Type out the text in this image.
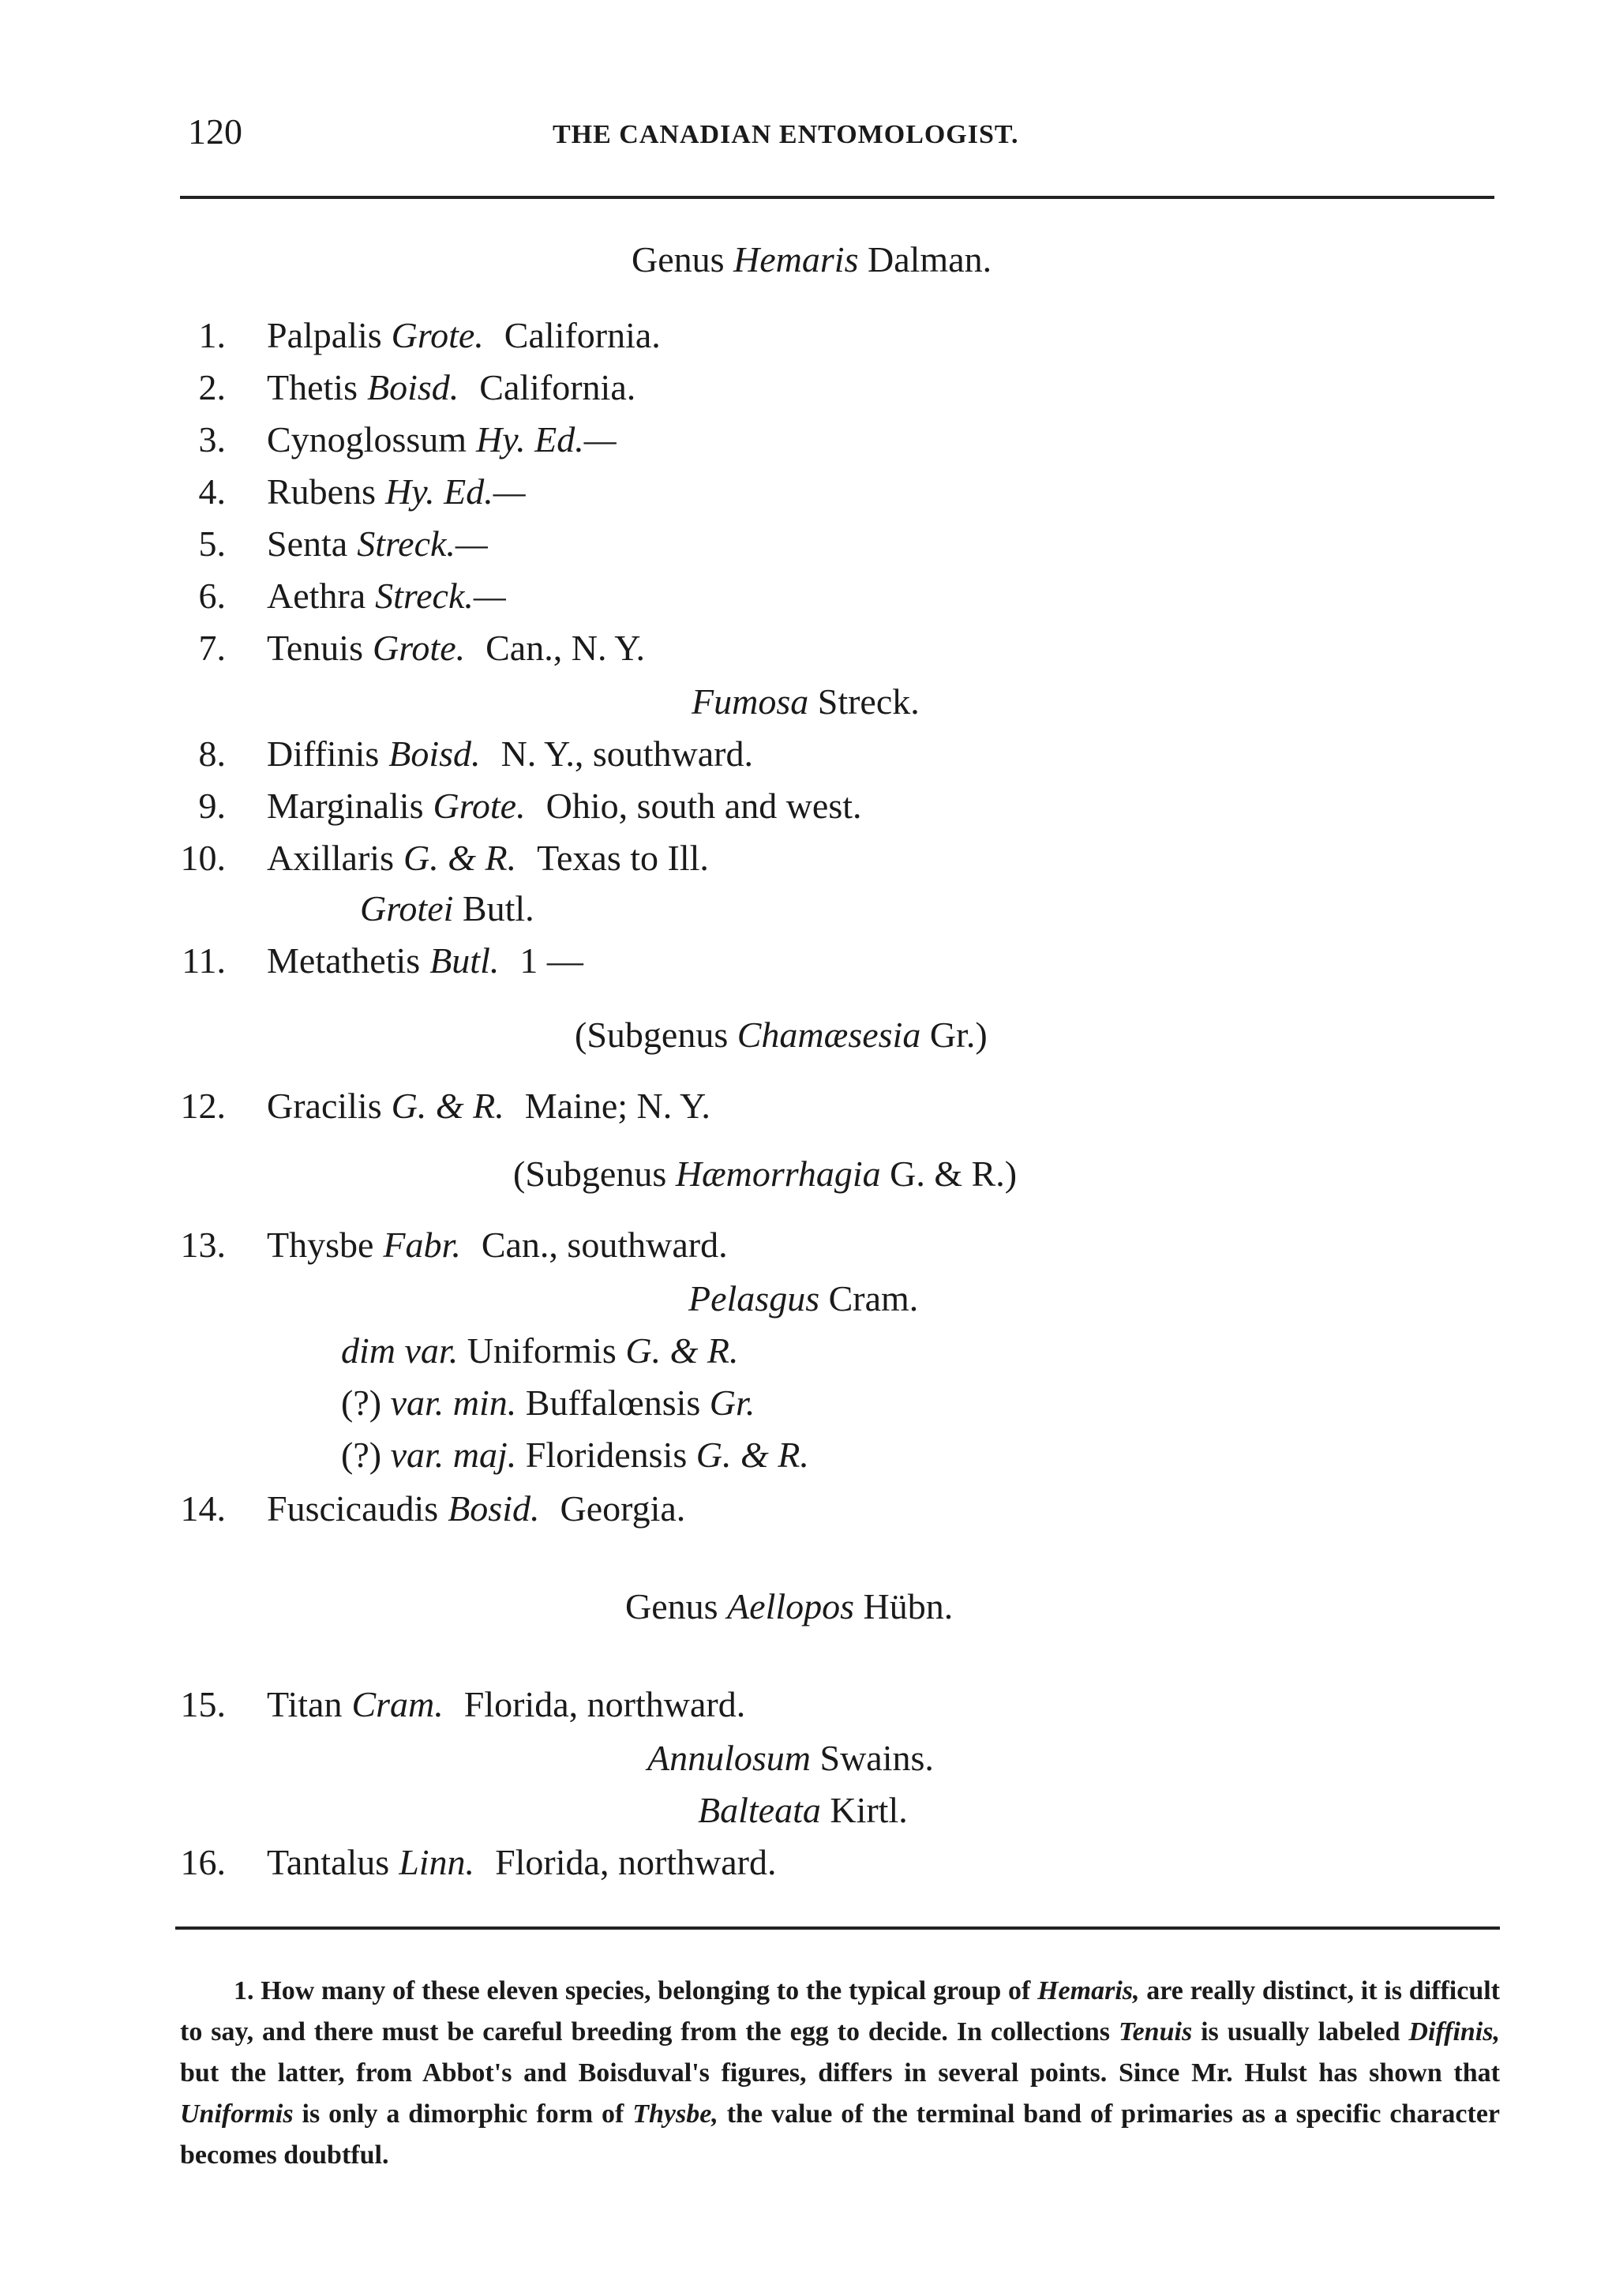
120	THE CANADIAN ENTOMOLOGIST.
Genus Hemaris Dalman.
1. Palpalis Grote. California.
2. Thetis Boisd. California.
3. Cynoglossum Hy. Ed.—
4. Rubens Hy. Ed.—
5. Senta Streck.—
6. Aethra Streck.—
7. Tenuis Grote. Can., N. Y.
Fumosa Streck.
8. Diffinis Boisd. N. Y., southward.
9. Marginalis Grote. Ohio, south and west.
10. Axillaris G. & R. Texas to Ill.
Grotei Butl.
11. Metathetis Butl. 1 —
(Subgenus Chamæsesia Gr.)
12. Gracilis G. & R. Maine; N. Y.
(Subgenus Hæmorrhagia G. & R.)
13. Thysbe Fabr. Can., southward.
Pelasgus Cram.
dim var. Uniformis G. & R.
(?) var. min. Buffalœnsis Gr.
(?) var. maj. Floridensis G. & R.
14. Fuscicaudis Bosid. Georgia.
Genus Aellopos Hübn.
15. Titan Cram. Florida, northward.
Annulosum Swains.
Balteata Kirtl.
16. Tantalus Linn. Florida, northward.
1. How many of these eleven species, belonging to the typical group of Hemaris, are really distinct, it is difficult to say, and there must be careful breeding from the egg to decide. In collections Tenuis is usually labeled Diffinis, but the latter, from Abbot's and Boisduval's figures, differs in several points. Since Mr. Hulst has shown that Uniformis is only a dimorphic form of Thysbe, the value of the terminal band of primaries as a specific character becomes doubtful.
